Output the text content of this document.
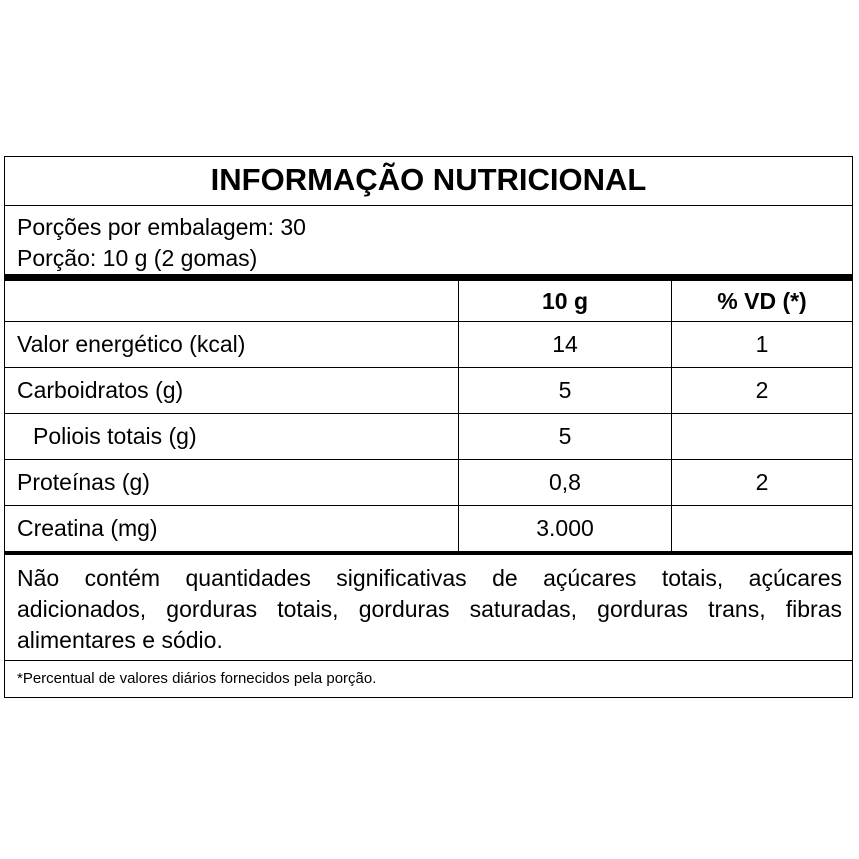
INFORMAÇÃO NUTRICIONAL
Porções por embalagem: 30
Porção: 10 g (2 gomas)
	10 g	% VD (*)
Valor energético (kcal)	14	1
Carboidratos (g)	5	2
Poliois totais (g)	5	
Proteínas (g)	0,8	2
Creatina (mg)	3.000	
Não contém quantidades significativas de açúcares totais, açúcares adicionados, gorduras totais, gorduras saturadas, gorduras trans, fibras alimentares e sódio.
*Percentual de valores diários fornecidos pela porção.
